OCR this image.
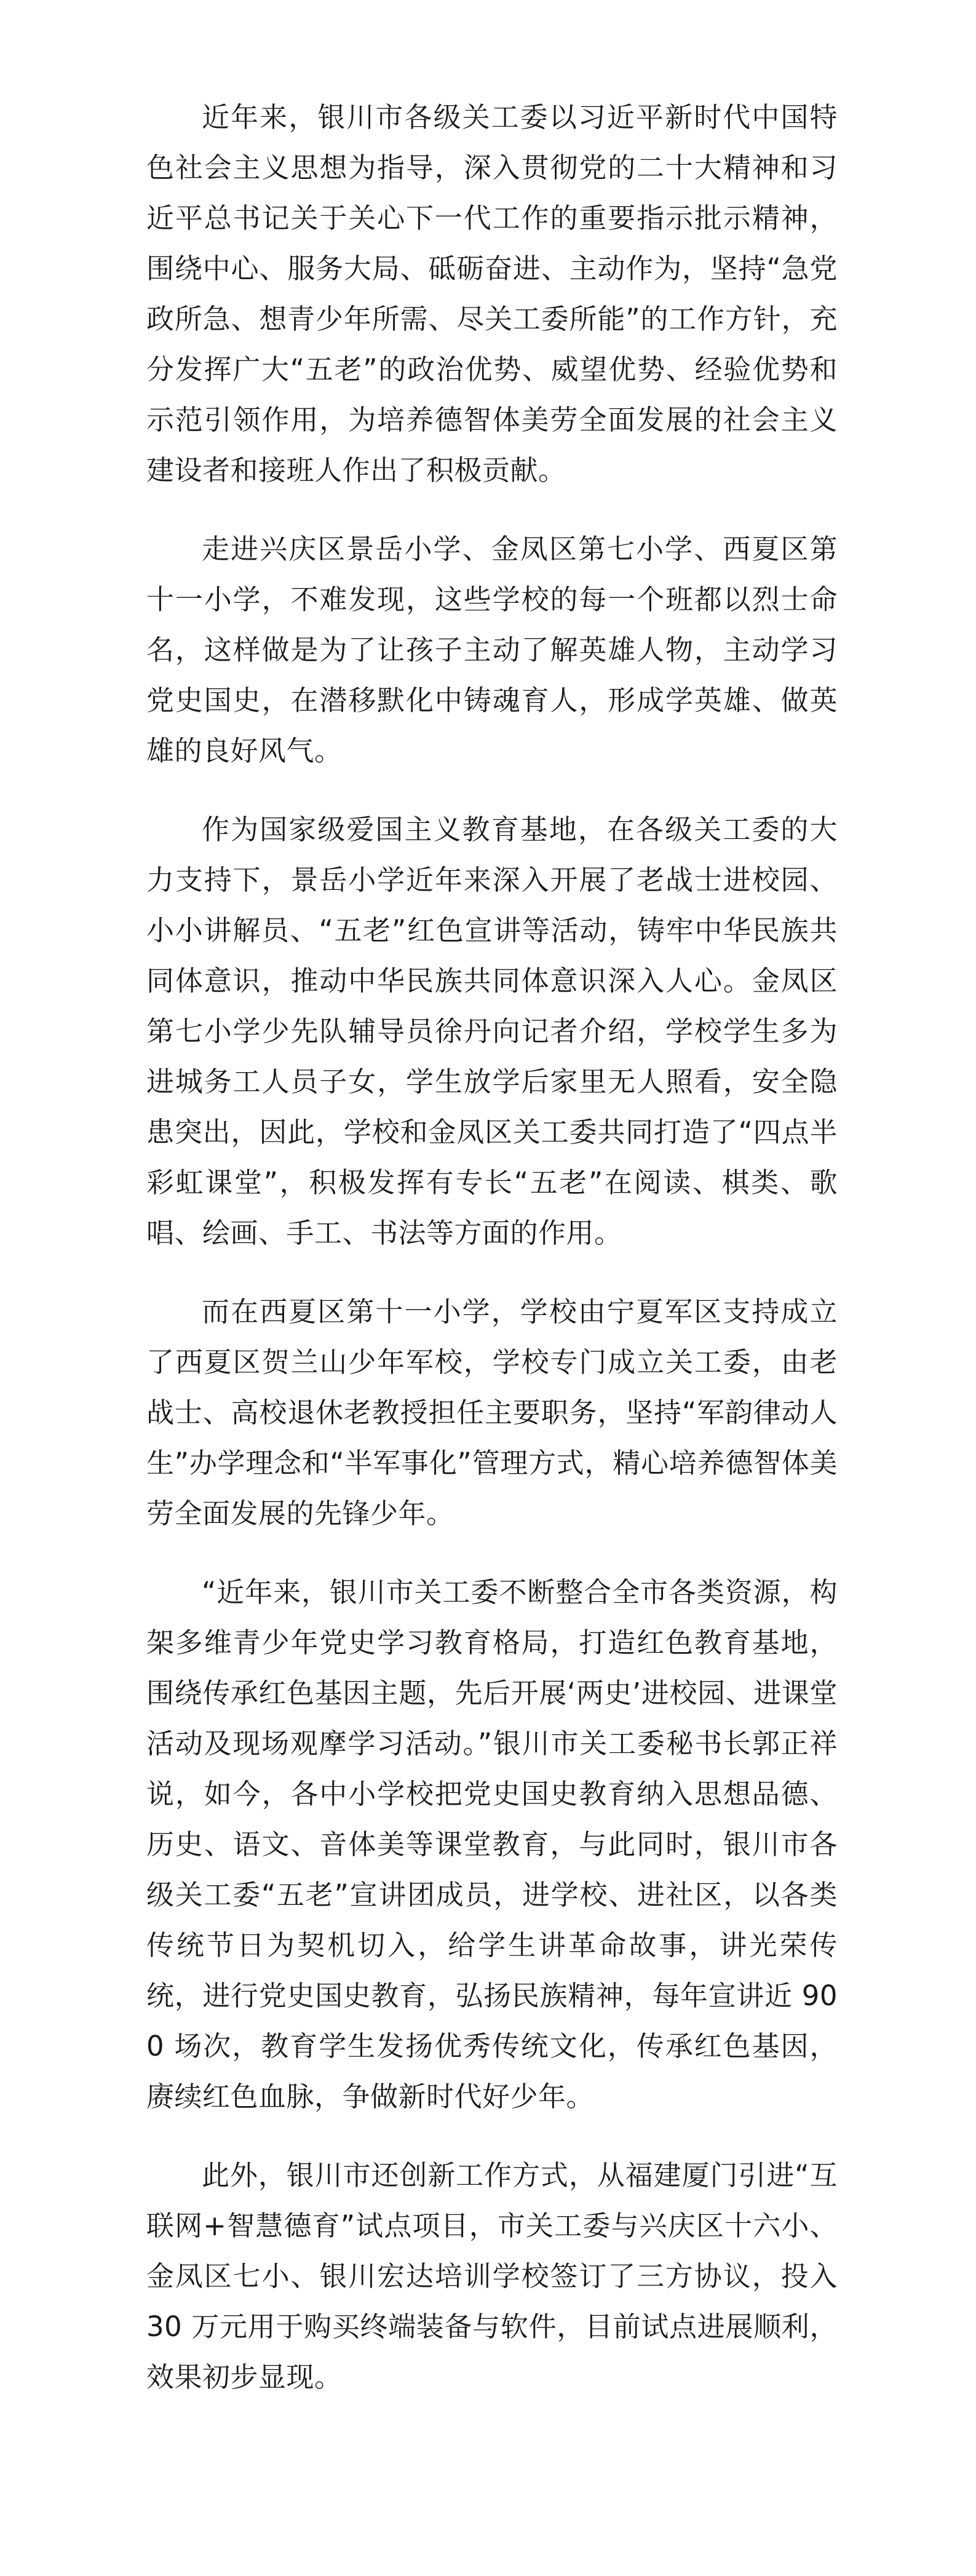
近年来，银川市各级关工委以习近平新时代中国特色社会主义思想为指导，深入贯彻党的二十大精神和习近平总书记关于关心下一代工作的重要指示批示精神，围绕中心、服务大局、砥砺奋进、主动作为，坚持“急党政所急、想青少年所需、尽关工委所能”的工作方针，充分发挥广大“五老”的政治优势、威望优势、经验优势和示范引领作用，为培养德智体美劳全面发展的社会主义建设者和接班人作出了积极贡献。

走进兴庆区景岳小学、金凤区第七小学、西夏区第十一小学，不难发现，这些学校的每一个班都以烈士命名，这样做是为了让孩子主动了解英雄人物，主动学习党史国史，在潜移默化中铸魂育人，形成学英雄、做英雄的良好风气。

作为国家级爱国主义教育基地，在各级关工委的大力支持下，景岳小学近年来深入开展了老战士进校园、小小讲解员、“五老”红色宣讲等活动，铸牢中华民族共同体意识，推动中华民族共同体意识深入人心。金凤区第七小学少先队辅导员徐丹向记者介绍，学校学生多为进城务工人员子女，学生放学后家里无人照看，安全隐患突出，因此，学校和金凤区关工委共同打造了“四点半彩虹课堂”，积极发挥有专长“五老”在阅读、棋类、歌唱、绘画、手工、书法等方面的作用。

而在西夏区第十一小学，学校由宁夏军区支持成立了西夏区贺兰山少年军校，学校专门成立关工委，由老战士、高校退休老教授担任主要职务，坚持“军韵律动人生”办学理念和“半军事化”管理方式，精心培养德智体美劳全面发展的先锋少年。

“近年来，银川市关工委不断整合全市各类资源，构架多维青少年党史学习教育格局，打造红色教育基地，围绕传承红色基因主题，先后开展‘两史’进校园、进课堂活动及现场观摩学习活动。”银川市关工委秘书长郭正祥说，如今，各中小学校把党史国史教育纳入思想品德、历史、语文、音体美等课堂教育，与此同时，银川市各级关工委“五老”宣讲团成员，进学校、进社区，以各类传统节日为契机切入，给学生讲革命故事，讲光荣传统，进行党史国史教育，弘扬民族精神，每年宣讲近 900 场次，教育学生发扬优秀传统文化，传承红色基因，赓续红色血脉，争做新时代好少年。

此外，银川市还创新工作方式，从福建厦门引进“互联网+智慧德育”试点项目，市关工委与兴庆区十六小、金凤区七小、银川宏达培训学校签订了三方协议，投入 30 万元用于购买终端装备与软件，目前试点进展顺利，效果初步显现。
